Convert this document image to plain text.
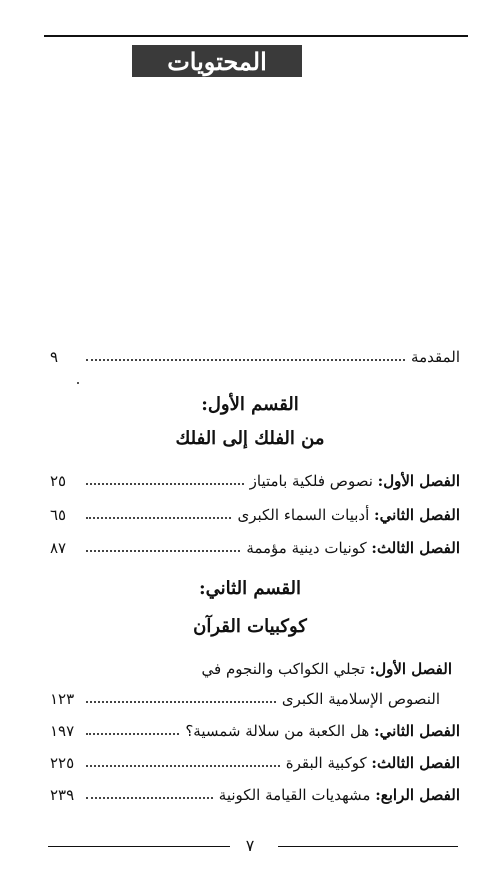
المحتويات
المقدمة
٩
القسم الأول:
من الفلك إلى الفلك
الفصل الأول: نصوص فلكية بامتياز
٢٥
الفصل الثاني: أدبيات السماء الكبرى
٦٥
الفصل الثالث: كونيات دينية مؤممة
٨٧
القسم الثاني:
كوكبيات القرآن
الفصل الأول: تجلي الكواكب والنجوم في
النصوص الإسلامية الكبرى
١٢٣
الفصل الثاني: هل الكعبة من سلالة شمسية؟
١٩٧
الفصل الثالث: كوكبية البقرة
٢٢٥
الفصل الرابع: مشهديات القيامة الكونية
٢٣٩
٧
